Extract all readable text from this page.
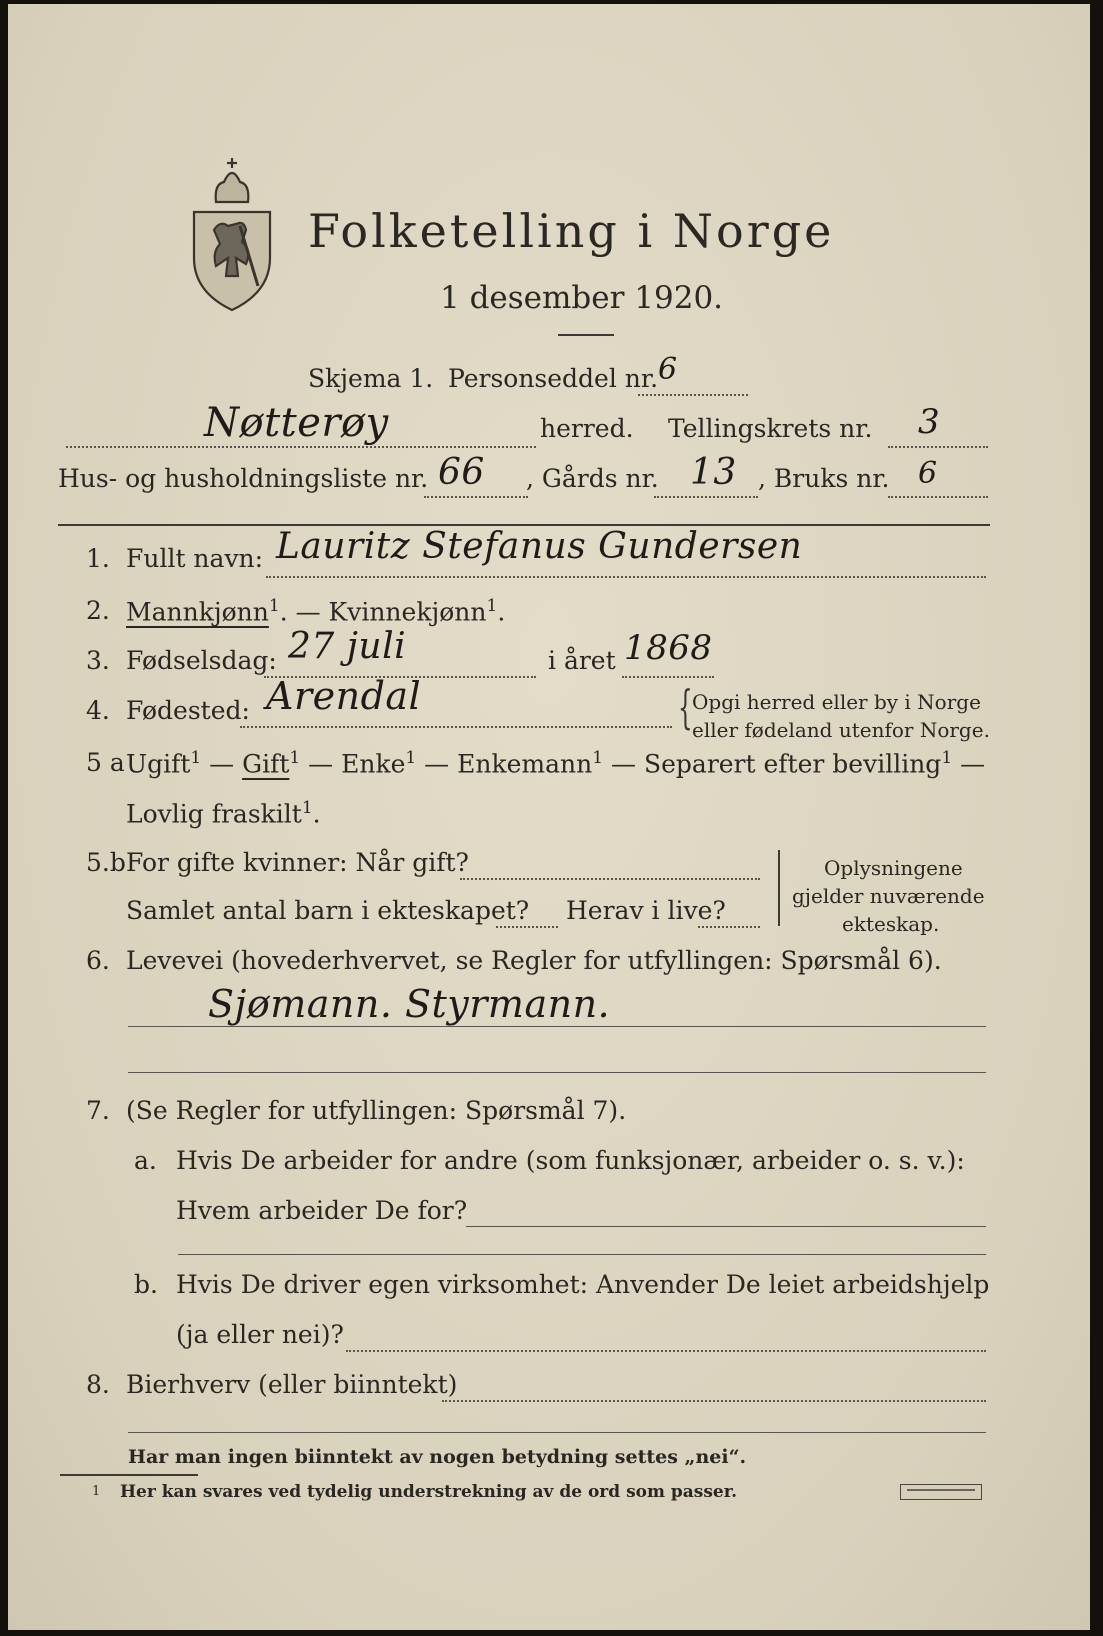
Folketelling i Norge
1 desember 1920.
Skjema 1. Personseddel nr. 6
Nøtterøy	herred. Tellingskrets nr. 3
Hus- og husholdningsliste nr. 66 , Gårds nr. 13 , Bruks nr. 6
1. Fullt navn: Lauritz Stefanus Gundersen
2. Mannkjønn$^1$. — Kvinnekjønn$^1$.
3. Fødselsdag: 27 juli	i året 1868
4. Fødested: Arendal	{ Opgi herred eller by i Norge
eller fødeland utenfor Norge.
5 a Ugift$^1$ — Gift$^1$ — Enke$^1$ — Enkemann$^1$ — Separert efter bevilling$^1$ —
Lovlig fraskilt$^1$.
5.b For gifte kvinner: Når gift?
Samlet antal barn i ekteskapet? Herav i live?
Oplysningene
gjelder nuværende
ekteskap.
6. Levevei (hovederhvervet, se Regler for utfyllingen: Spørsmål 6).
Sjømann. Styrmann.
7. (Se Regler for utfyllingen: Spørsmål 7).
a. Hvis De arbeider for andre (som funksjonær, arbeider o. s. v.):
Hvem arbeider De for?
b. Hvis De driver egen virksomhet: Anvender De leiet arbeidshjelp
(ja eller nei)?
8. Bierhverv (eller biinntekt)
Har man ingen biinntekt av nogen betydning settes „nei“.
1 Her kan svares ved tydelig understrekning av de ord som passer.
